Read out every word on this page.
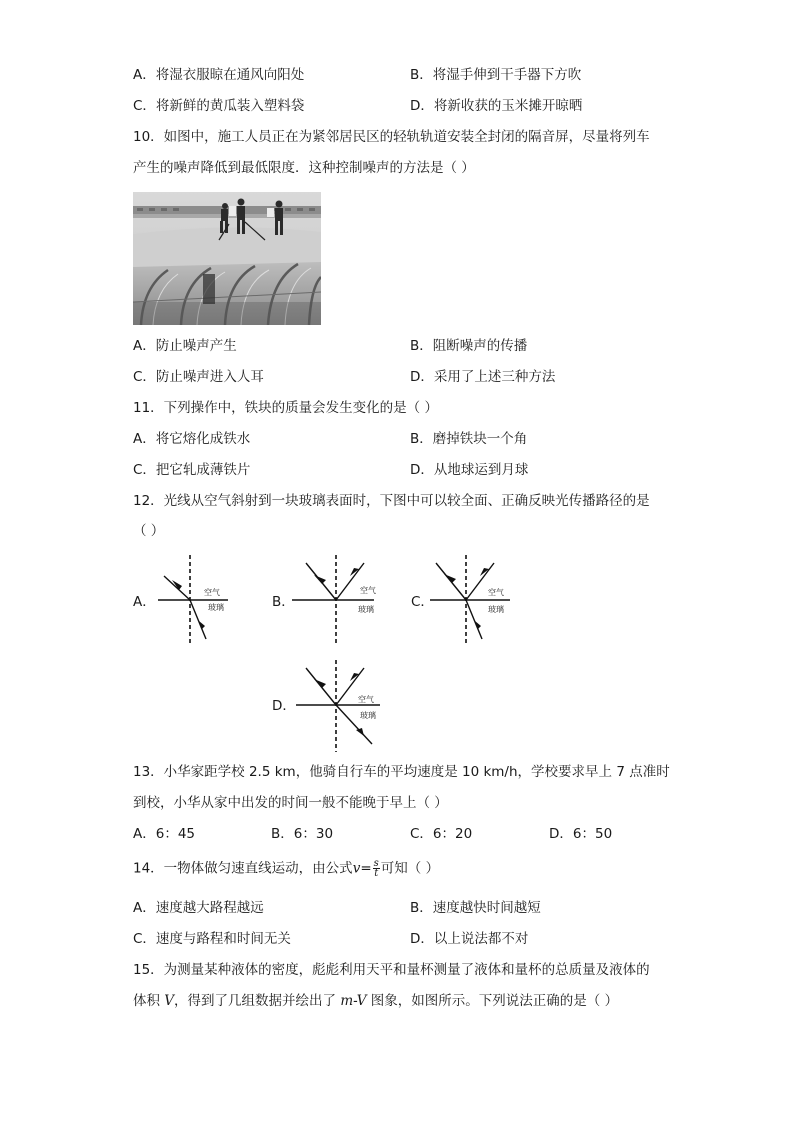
A．将湿衣服晾在通风向阳处	B．将湿手伸到干手器下方吹
C．将新鲜的黄瓜装入塑料袋	D．将新收获的玉米摊开晾晒
10．如图中，施工人员正在为紧邻居民区的轻轨轨道安装全封闭的隔音屏，尽量将列车
产生的噪声降低到最低限度．这种控制噪声的方法是（ ）
A．防止噪声产生	B．阻断噪声的传播
C．防止噪声进入人耳	D．采用了上述三种方法
11．下列操作中，铁块的质量会发生变化的是（ ）
A．将它熔化成铁水	B．磨掉铁块一个角
C．把它轧成薄铁片	D．从地球运到月球
12．光线从空气斜射到一块玻璃表面时，下图中可以较全面、正确反映光传播路径的是
（ ）
A．
空气
玻璃	B．
空气
玻璃	C．
空气
玻璃
D．	空气
玻璃
13．小华家距学校 2.5 km，他骑自行车的平均速度是 10 km/h，学校要求早上 7 点准时
到校，小华从家中出发的时间一般不能晚于早上（ ）
A．6：45	B．6：30	C．6：20	D．6：50
14．一物体做匀速直线运动，由公式$v= \frac{s}{t}$ 可知（ ）
A．速度越大路程越远	B．速度越快时间越短
C．速度与路程和时间无关	D．以上说法都不对
15．为测量某种液体的密度，彪彪利用天平和量杯测量了液体和量杯的总质量及液体的
体积 V，得到了几组数据并绘出了 m-V 图象，如图所示。下列说法正确的是（ ）
